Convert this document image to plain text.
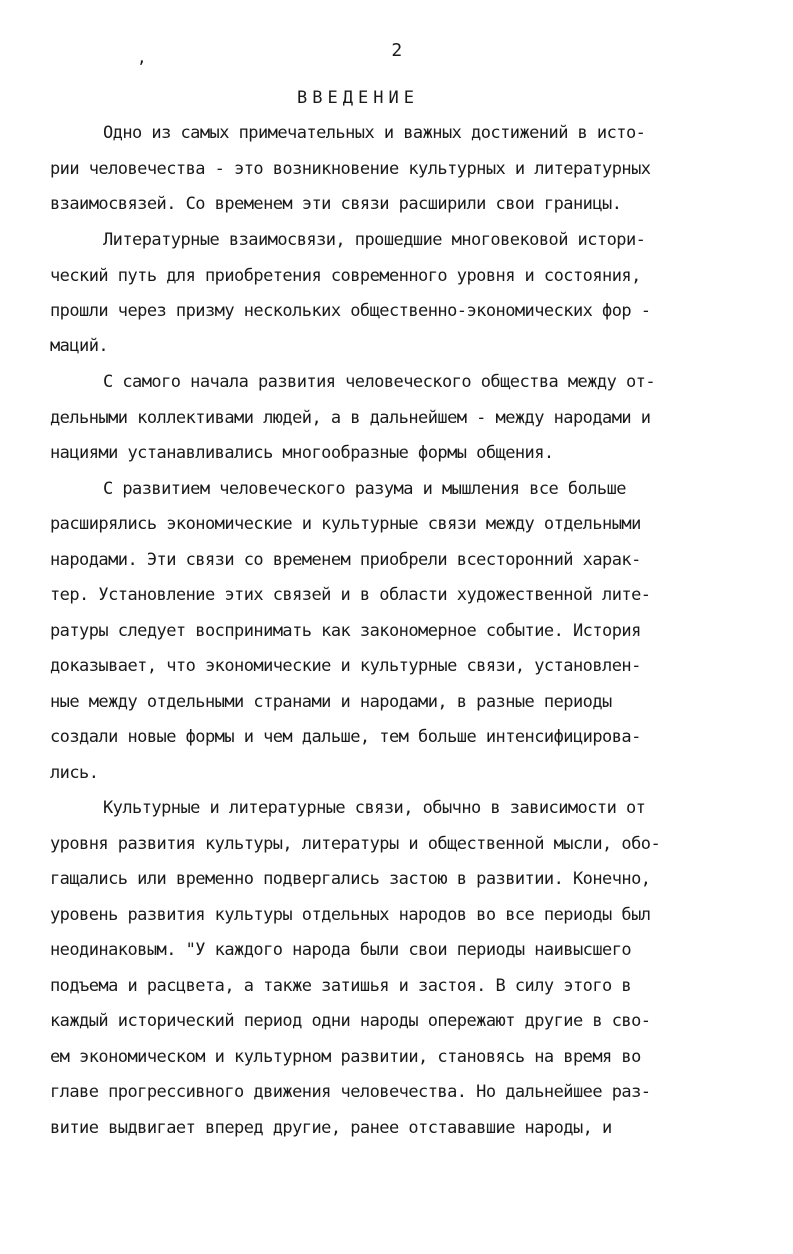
,	2
ВВЕДЕНИЕ
Одно из самых примечательных и важных достижений в исто-
рии человечества - это возникновение культурных и литературных
взаимосвязей. Со временем эти связи расширили свои границы.
Литературные взаимосвязи, прошедшие многовековой истори-
ческий путь для приобретения современного уровня и состояния,
прошли через призму нескольких общественно-экономических фор -
маций.
С самого начала развития человеческого общества между от-
дельными коллективами людей, а в дальнейшем - между народами и
нациями устанавливались многообразные формы общения.
С развитием человеческого разума и мышления все больше
расширялись экономические и культурные связи между отдельными
народами. Эти связи со временем приобрели всесторонний харак-
тер. Установление этих связей и в области художественной лите-
ратуры следует воспринимать как закономерное событие. История
доказывает, что экономические и культурные связи, установлен-
ные между отдельными странами и народами, в разные периоды
создали новые формы и чем дальше, тем больше интенсифицирова-
лись.
Культурные и литературные связи, обычно в зависимости от
уровня развития культуры, литературы и общественной мысли, обо-
гащались или временно подвергались застою в развитии. Конечно,
уровень развития культуры отдельных народов во все периоды был
неодинаковым. "У каждого народа были свои периоды наивысшего
подъема и расцвета, а также затишья и застоя. В силу этого в
каждый исторический период одни народы опережают другие в сво-
ем экономическом и культурном развитии, становясь на время во
главе прогрессивного движения человечества. Но дальнейшее раз-
витие выдвигает вперед другие, ранее отстававшие народы, и
